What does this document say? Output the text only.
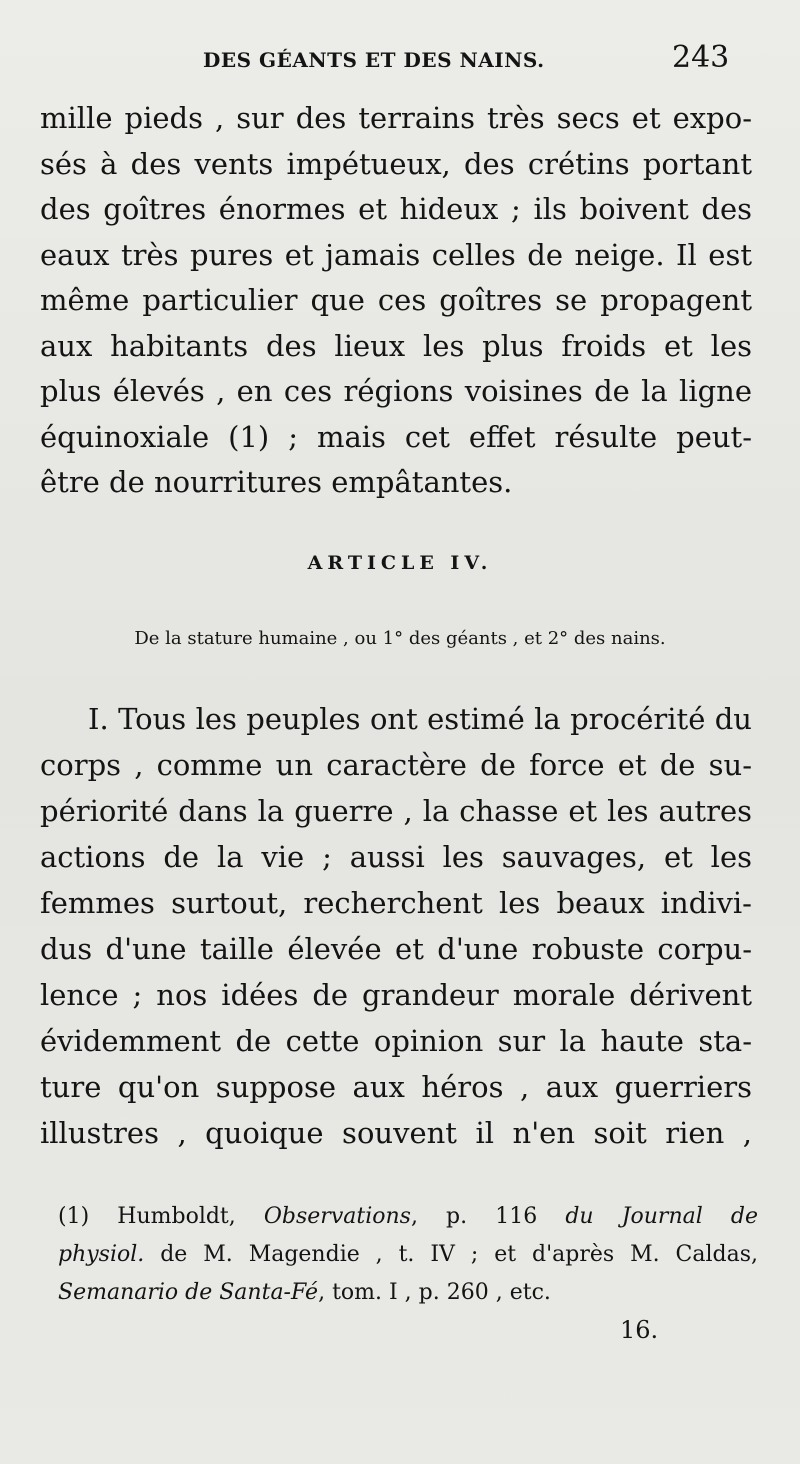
DES GÉANTS ET DES NAINS.	243
mille pieds , sur des terrains très secs et expo-
sés à des vents impétueux, des crétins portant
des goîtres énormes et hideux ; ils boivent des
eaux très pures et jamais celles de neige. Il est
même particulier que ces goîtres se propagent
aux habitants des lieux les plus froids et les
plus élevés , en ces régions voisines de la ligne
équinoxiale (1) ; mais cet effet résulte peut-
être de nourritures empâtantes.
ARTICLE IV.
De la stature humaine , ou 1° des géants , et 2° des nains.
I. Tous les peuples ont estimé la procérité du
corps , comme un caractère de force et de su-
périorité dans la guerre , la chasse et les autres
actions de la vie ; aussi les sauvages, et les
femmes surtout, recherchent les beaux indivi-
dus d'une taille élevée et d'une robuste corpu-
lence ; nos idées de grandeur morale dérivent
évidemment de cette opinion sur la haute sta-
ture qu'on suppose aux héros , aux guerriers
illustres , quoique souvent il n'en soit rien ,
(1) Humboldt, Observations, p. 116 du Journal de
physiol. de M. Magendie , t. IV ; et d'après M. Caldas,
Semanario de Santa-Fé, tom. I , p. 260 , etc.
16.
